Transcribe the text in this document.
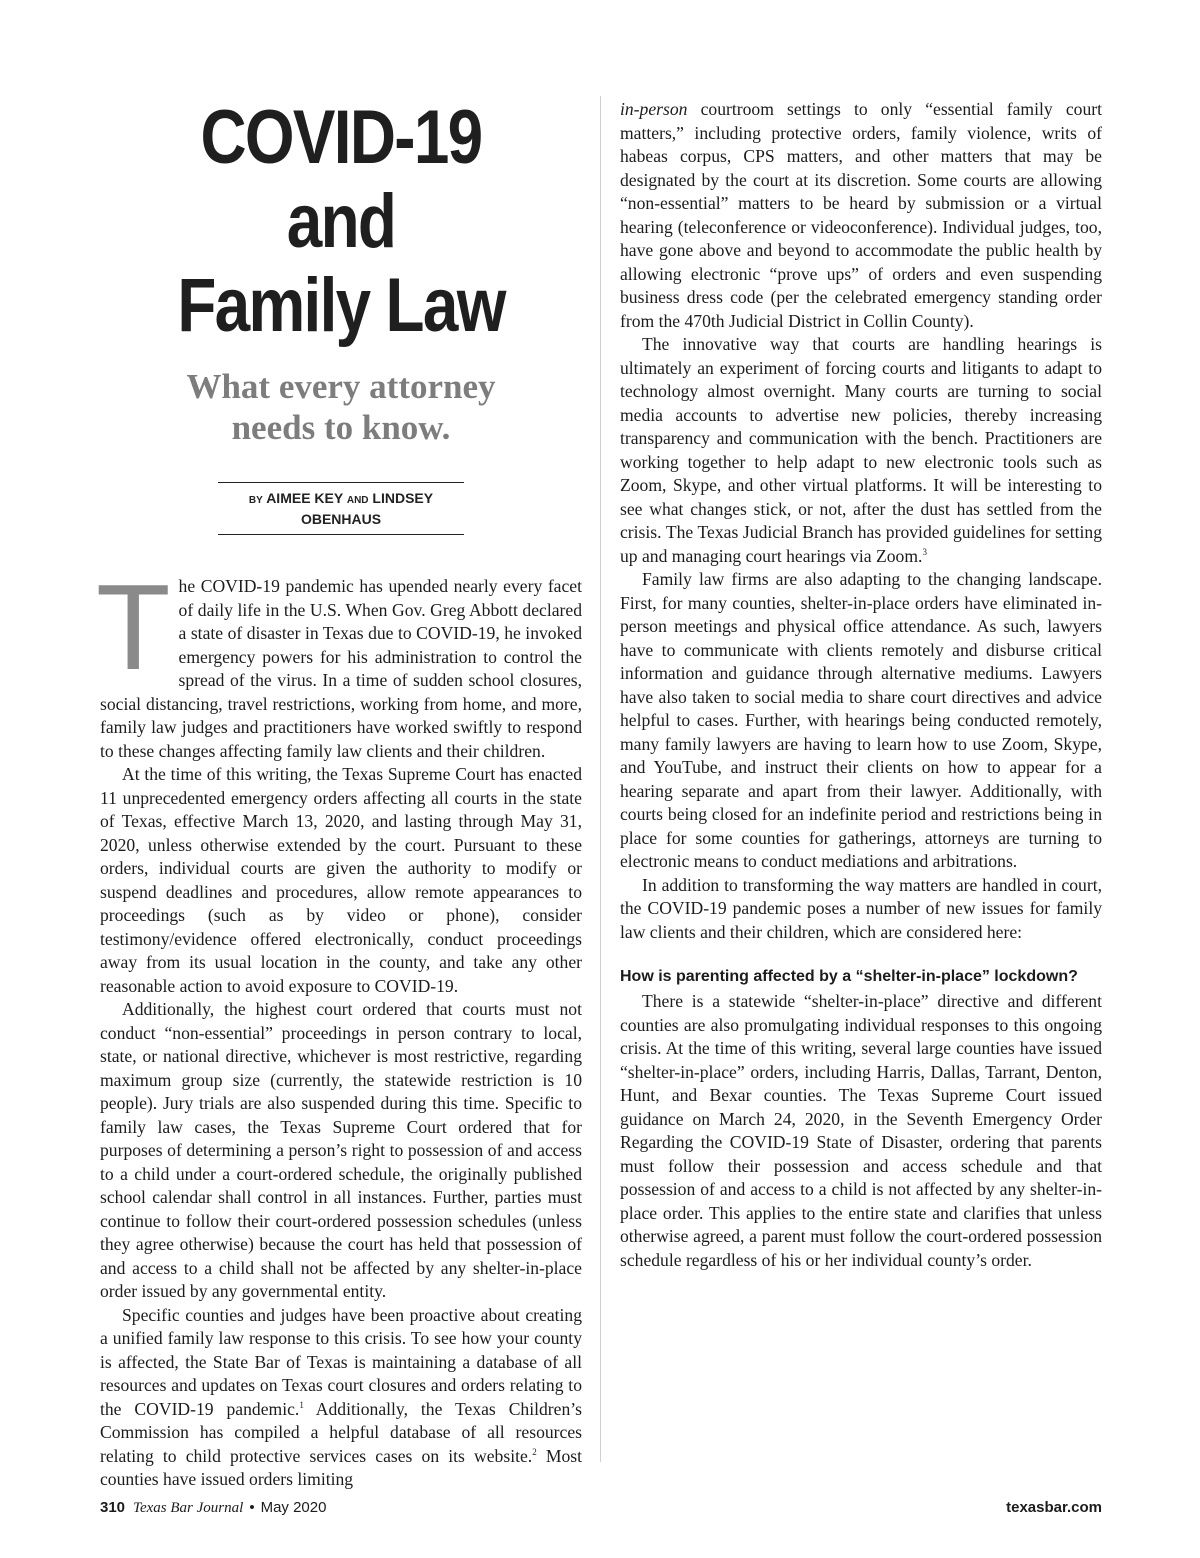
COVID-19 and
Family Law
What every attorney
needs to know.
BY AIMEE KEY AND LINDSEY OBENHAUS

The COVID-19 pandemic has upended nearly every facet of daily life in the U.S. When Gov. Greg Abbott declared a state of disaster in Texas due to COVID-19, he invoked emergency powers for his administration to control the spread of the virus. In a time of sudden school closures, social distancing, travel restrictions, working from home, and more, family law judges and practitioners have worked swiftly to respond to these changes affecting family law clients and their children.

At the time of this writing, the Texas Supreme Court has enacted 11 unprecedented emergency orders affecting all courts in the state of Texas, effective March 13, 2020, and lasting through May 31, 2020, unless otherwise extended by the court. Pursuant to these orders, individual courts are given the authority to modify or suspend deadlines and procedures, allow remote appearances to proceedings (such as by video or phone), consider testimony/evidence offered electronically, conduct proceedings away from its usual location in the county, and take any other reasonable action to avoid exposure to COVID-19.

Additionally, the highest court ordered that courts must not conduct “non-essential” proceedings in person contrary to local, state, or national directive, whichever is most restrictive, regarding maximum group size (currently, the statewide restriction is 10 people). Jury trials are also suspended during this time. Specific to family law cases, the Texas Supreme Court ordered that for purposes of determining a person’s right to possession of and access to a child under a court-ordered schedule, the originally published school calendar shall control in all instances. Further, parties must continue to follow their court-ordered possession schedules (unless they agree otherwise) because the court has held that possession of and access to a child shall not be affected by any shelter-in-place order issued by any governmental entity.

Specific counties and judges have been proactive about creating a unified family law response to this crisis. To see how your county is affected, the State Bar of Texas is maintaining a database of all resources and updates on Texas court closures and orders relating to the COVID-19 pandemic.$^1$ Additionally, the Texas Children’s Commission has compiled a helpful database of all resources relating to child protective services cases on its website.$^2$ Most counties have issued orders limiting

in-person courtroom settings to only “essential family court matters,” including protective orders, family violence, writs of habeas corpus, CPS matters, and other matters that may be designated by the court at its discretion. Some courts are allowing “non-essential” matters to be heard by submission or a virtual hearing (teleconference or videoconference). Individual judges, too, have gone above and beyond to accommodate the public health by allowing electronic “prove ups” of orders and even suspending business dress code (per the celebrated emergency standing order from the 470th Judicial District in Collin County).

The innovative way that courts are handling hearings is ultimately an experiment of forcing courts and litigants to adapt to technology almost overnight. Many courts are turning to social media accounts to advertise new policies, thereby increasing transparency and communication with the bench. Practitioners are working together to help adapt to new electronic tools such as Zoom, Skype, and other virtual platforms. It will be interesting to see what changes stick, or not, after the dust has settled from the crisis. The Texas Judicial Branch has provided guidelines for setting up and managing court hearings via Zoom.$^3$

Family law firms are also adapting to the changing landscape. First, for many counties, shelter-in-place orders have eliminated in-person meetings and physical office attendance. As such, lawyers have to communicate with clients remotely and disburse critical information and guidance through alternative mediums. Lawyers have also taken to social media to share court directives and advice helpful to cases. Further, with hearings being conducted remotely, many family lawyers are having to learn how to use Zoom, Skype, and YouTube, and instruct their clients on how to appear for a hearing separate and apart from their lawyer. Additionally, with courts being closed for an indefinite period and restrictions being in place for some counties for gatherings, attorneys are turning to electronic means to conduct mediations and arbitrations.

In addition to transforming the way matters are handled in court, the COVID-19 pandemic poses a number of new issues for family law clients and their children, which are considered here:

How is parenting affected by a “shelter-in-place” lockdown?

There is a statewide “shelter-in-place” directive and different counties are also promulgating individual responses to this ongoing crisis. At the time of this writing, several large counties have issued “shelter-in-place” orders, including Harris, Dallas, Tarrant, Denton, Hunt, and Bexar counties. The Texas Supreme Court issued guidance on March 24, 2020, in the Seventh Emergency Order Regarding the COVID-19 State of Disaster, ordering that parents must follow their possession and access schedule and that possession of and access to a child is not affected by any shelter-in-place order. This applies to the entire state and clarifies that unless otherwise agreed, a parent must follow the court-ordered possession schedule regardless of his or her individual county’s order.

310 Texas Bar Journal • May 2020	texasbar.com
